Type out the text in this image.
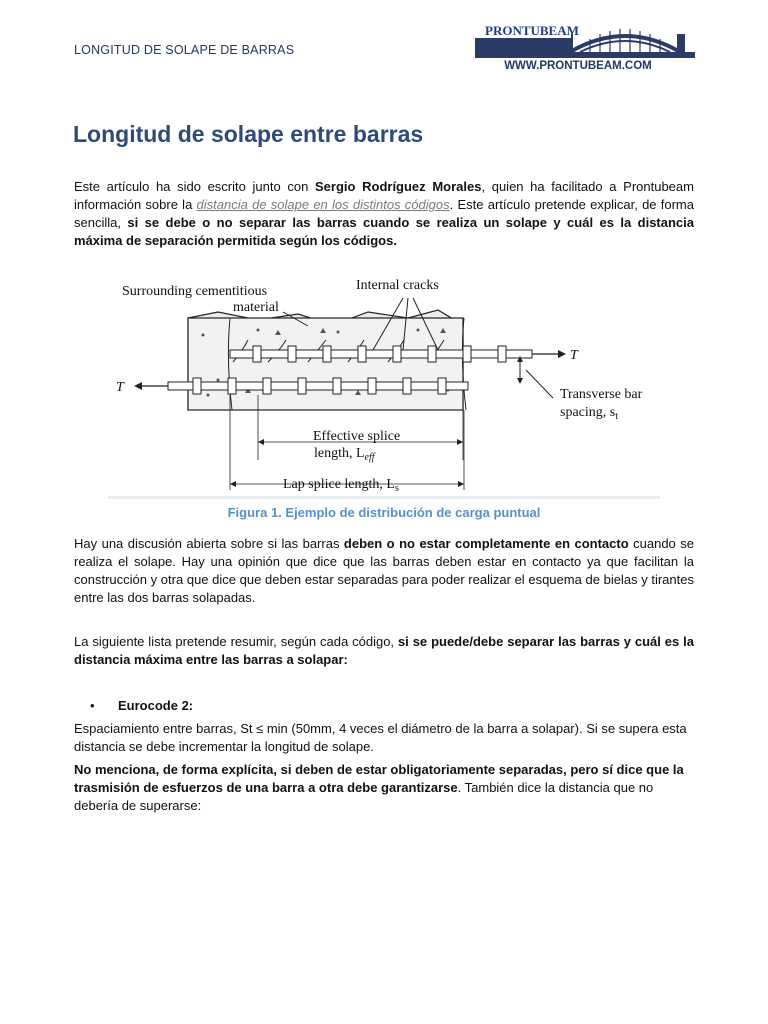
LONGITUD DE SOLAPE DE BARRAS
PRONTUBEAM
WWW.PRONTUBEAM.COM
Longitud de solape entre barras

Este artículo ha sido escrito junto con Sergio Rodríguez Morales, quien ha facilitado a Prontubeam información sobre la distancia de solape en los distintos códigos. Este artículo pretende explicar, de forma sencilla, si se debe o no separar las barras cuando se realiza un solape y cuál es la distancia máxima de separación permitida según los códigos.

Surrounding cementitious
material
Internal cracks
T
T	Transverse bar
spacing, $s_t$
Effective splice
length, $L_{eff}$
Lap splice length, $L_s$
Figura 1. Ejemplo de distribución de carga puntual

Hay una discusión abierta sobre si las barras deben o no estar completamente en contacto cuando se realiza el solape. Hay una opinión que dice que las barras deben estar en contacto ya que facilitan la construcción y otra que dice que deben estar separadas para poder realizar el esquema de bielas y tirantes entre las dos barras solapadas.

La siguiente lista pretende resumir, según cada código, si se puede/debe separar las barras y cuál es la distancia máxima entre las barras a solapar:

• Eurocode 2:

Espaciamiento entre barras, St ≤ min (50mm, 4 veces el diámetro de la barra a solapar). Si se supera esta distancia se debe incrementar la longitud de solape.

No menciona, de forma explícita, si deben de estar obligatoriamente separadas, pero sí dice que la trasmisión de esfuerzos de una barra a otra debe garantizarse. También dice la distancia que no debería de superarse:
